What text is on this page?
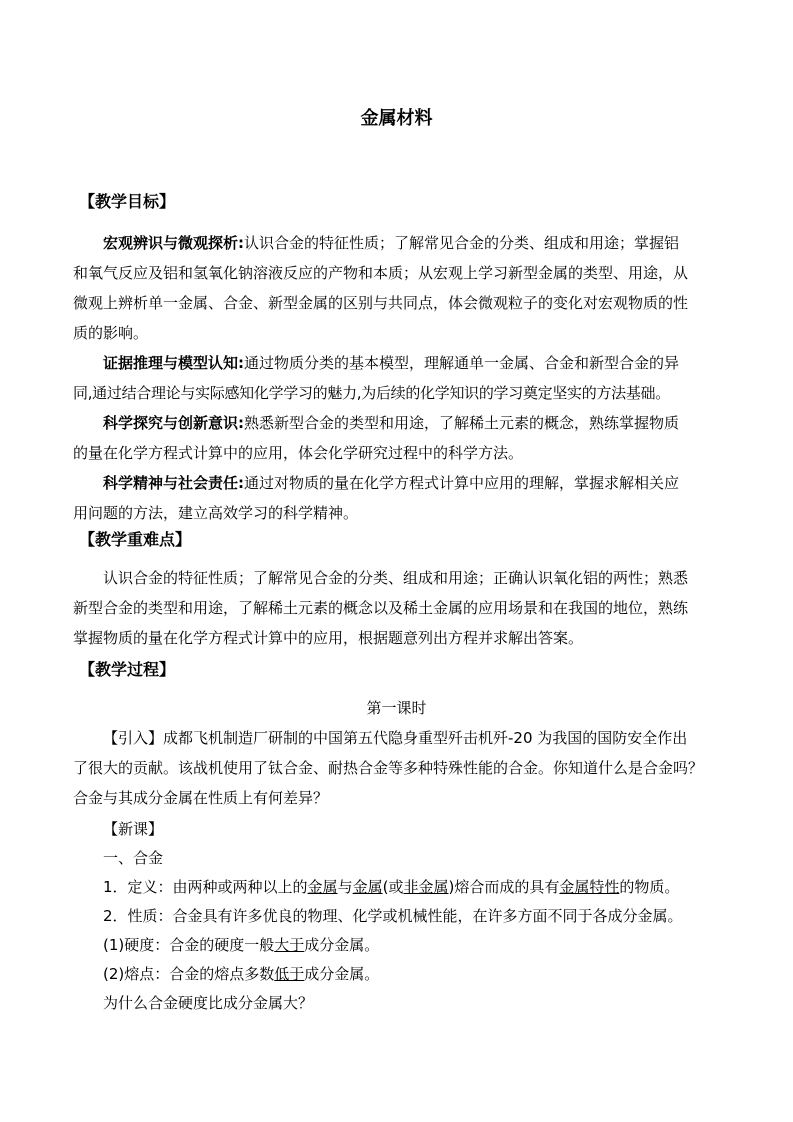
金属材料
【教学目标】

宏观辨识与微观探析:认识合金的特征性质；了解常见合金的分类、组成和用途；掌握铝

和氧气反应及铝和氢氧化钠溶液反应的产物和本质；从宏观上学习新型金属的类型、用途，从

微观上辨析单一金属、合金、新型金属的区别与共同点，体会微观粒子的变化对宏观物质的性

质的影响。

证据推理与模型认知:通过物质分类的基本模型，理解通单一金属、合金和新型合金的异

同,通过结合理论与实际感知化学学习的魅力,为后续的化学知识的学习奠定坚实的方法基础。

科学探究与创新意识:熟悉新型合金的类型和用途，了解稀土元素的概念，熟练掌握物质

的量在化学方程式计算中的应用，体会化学研究过程中的科学方法。

科学精神与社会责任:通过对物质的量在化学方程式计算中应用的理解，掌握求解相关应

用问题的方法，建立高效学习的科学精神。

【教学重难点】

认识合金的特征性质；了解常见合金的分类、组成和用途；正确认识氧化铝的两性；熟悉

新型合金的类型和用途，了解稀土元素的概念以及稀土金属的应用场景和在我国的地位，熟练

掌握物质的量在化学方程式计算中的应用，根据题意列出方程并求解出答案。

【教学过程】
第一课时

【引入】成都飞机制造厂研制的中国第五代隐身重型歼击机歼-20 为我国的国防安全作出

了很大的贡献。该战机使用了钛合金、耐热合金等多种特殊性能的合金。你知道什么是合金吗？

合金与其成分金属在性质上有何差异？

【新课】
一、合金
1．定义：由两种或两种以上的金属与金属(或非金属)熔合而成的具有金属特性的物质。
2．性质：合金具有许多优良的物理、化学或机械性能，在许多方面不同于各成分金属。
(1)硬度：合金的硬度一般大于成分金属。
(2)熔点：合金的熔点多数低于成分金属。
为什么合金硬度比成分金属大？
